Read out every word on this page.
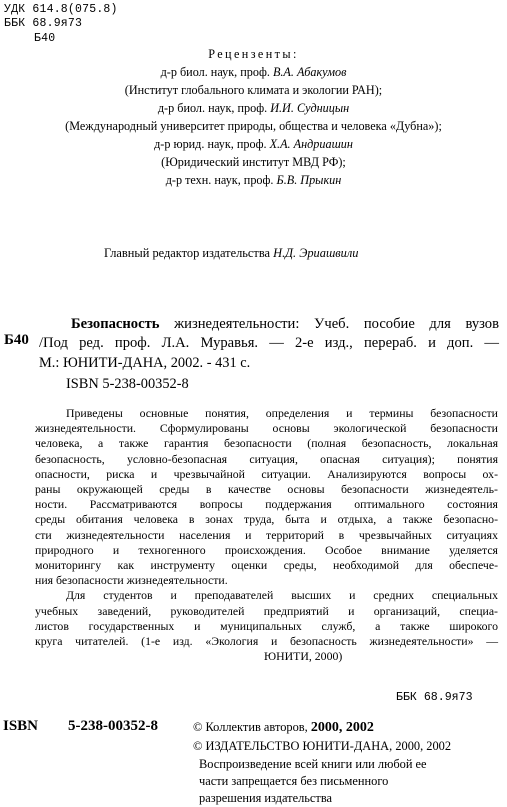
УДК 614.8(075.8)
ББК 68.9я73
Б40
Рецензенты:
д-р биол. наук, проф. В.А. Абакумов
(Институт глобального климата и экологии РАН);
д-р биол. наук, проф. И.И. Судницын
(Международный университет природы, общества и человека «Дубна»);
д-р юрид. наук, проф. Х.А. Андриашин
(Юридический институт МВД РФ);
д-р техн. наук, проф. Б.В. Прыкин
Главный редактор издательства Н.Д. Эриашвили
Б40
Безопасность жизнедеятельности: Учеб. пособие для вузов
/Под ред. проф. Л.А. Муравья. — 2-е изд., перераб. и доп. —
М.: ЮНИТИ-ДАНА, 2002. - 431 с.
ISBN 5-238-00352-8
Приведены основные понятия, определения и термины безопасности
жизнедеятельности. Сформулированы основы экологической безопасности
человека, а также гарантия безопасности (полная безопасность, локальная
безопасность, условно-безопасная ситуация, опасная ситуация); понятия
опасности, риска и чрезвычайной ситуации. Анализируются вопросы ох-
раны окружающей среды в качестве основы безопасности жизнедеятель-
ности. Рассматриваются вопросы поддержания оптимального состояния
среды обитания человека в зонах труда, быта и отдыха, а также безопасно-
сти жизнедеятельности населения и территорий в чрезвычайных ситуациях
природного и техногенного происхождения. Особое внимание уделяется
мониторингу как инструменту оценки среды, необходимой для обеспече-
ния безопасности жизнедеятельности.
Для студентов и преподавателей высших и средних специальных
учебных заведений, руководителей предприятий и организаций, специа-
листов государственных и муниципальных служб, а также широкого
круга читателей. (1-е изд. «Экология и безопасность жизнедеятельности» —
ЮНИТИ, 2000)
ББК 68.9я73
ISBN 5-238-00352-8	© Коллектив авторов, 2000, 2002
© ИЗДАТЕЛЬСТВО ЮНИТИ-ДАНА, 2000, 2002
Воспроизведение всей книги или любой ее
части запрещается без письменного
разрешения издательства
